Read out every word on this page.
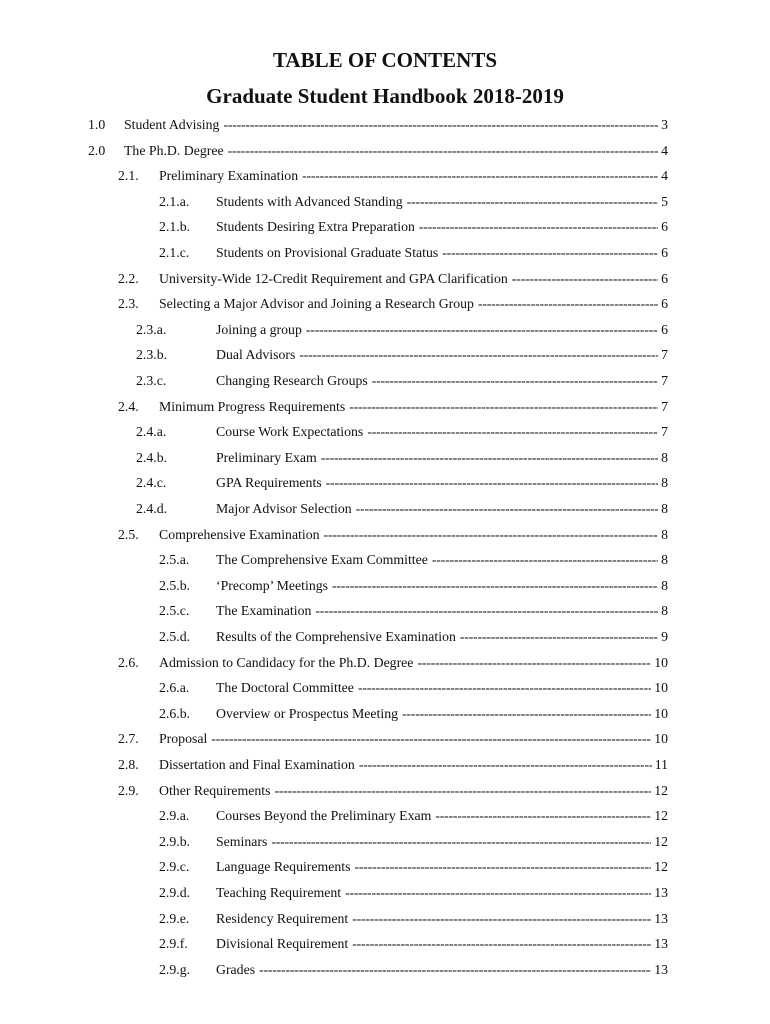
TABLE OF CONTENTS
Graduate Student Handbook 2018-2019
1.0	Student Advising -----	3
2.0	The Ph.D. Degree -----	4
2.1.	Preliminary Examination -----	4
2.1.a.	Students with Advanced Standing -----	5
2.1.b.	Students Desiring Extra Preparation -----	6
2.1.c.	Students on Provisional Graduate Status -----	6
2.2.	University-Wide 12-Credit Requirement and GPA Clarification -----	6
2.3.	Selecting a Major Advisor and Joining a Research Group -----	6
2.3.a.	Joining a group -----	6
2.3.b.	Dual Advisors -----	7
2.3.c.	Changing Research Groups -----	7
2.4.	Minimum Progress Requirements -----	7
2.4.a.	Course Work Expectations -----	7
2.4.b.	Preliminary Exam -----	8
2.4.c.	GPA Requirements -----	8
2.4.d.	Major Advisor Selection -----	8
2.5.	Comprehensive Examination -----	8
2.5.a.	The Comprehensive Exam Committee -----	8
2.5.b.	‘Precomp’ Meetings -----	8
2.5.c.	The Examination -----	8
2.5.d.	Results of the Comprehensive Examination -----	9
2.6.	Admission to Candidacy for the Ph.D. Degree -----	10
2.6.a.	The Doctoral Committee -----	10
2.6.b.	Overview or Prospectus Meeting -----	10
2.7.	Proposal -----	10
2.8.	Dissertation and Final Examination -----	11
2.9.	Other Requirements -----	12
2.9.a.	Courses Beyond the Preliminary Exam -----	12
2.9.b.	Seminars -----	12
2.9.c.	Language Requirements -----	12
2.9.d.	Teaching Requirement -----	13
2.9.e.	Residency Requirement -----	13
2.9.f.	Divisional Requirement -----	13
2.9.g.	Grades -----	13
